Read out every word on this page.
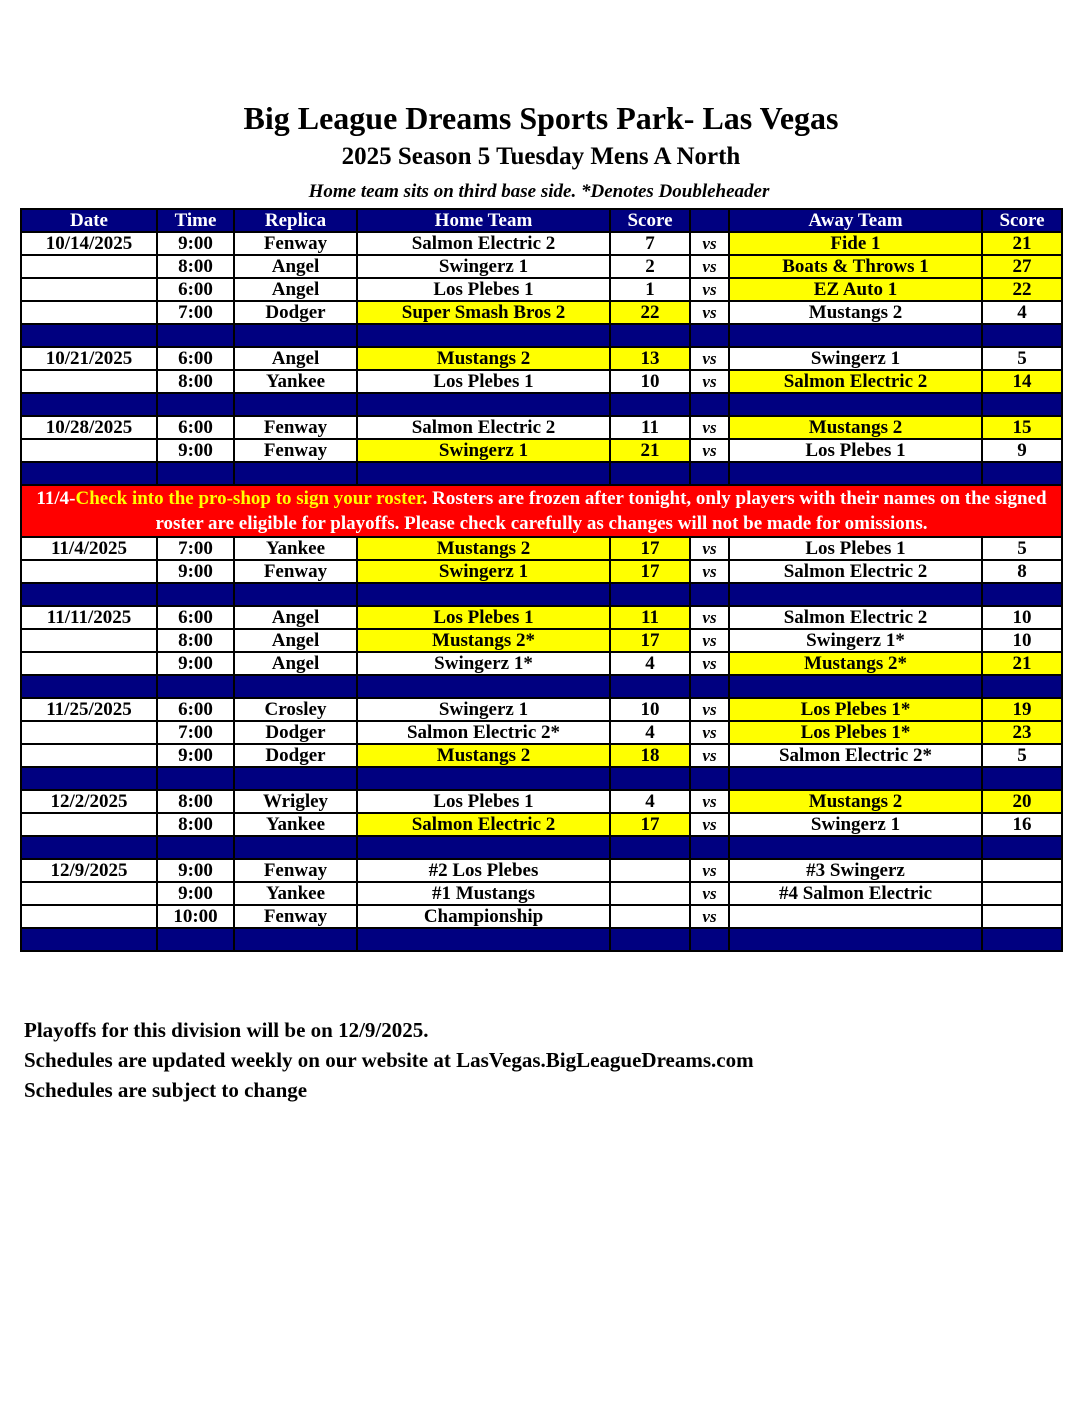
Big League Dreams Sports Park- Las Vegas
2025 Season 5 Tuesday Mens A North
Home team sits on third base side. *Denotes Doubleheader
Date	Time	Replica	Home Team	Score		Away Team	Score
10/14/2025	9:00	Fenway	Salmon Electric 2	7	vs	Fide 1	21
	8:00	Angel	Swingerz 1	2	vs	Boats & Throws 1	27
	6:00	Angel	Los Plebes 1	1	vs	EZ Auto 1	22
	7:00	Dodger	Super Smash Bros 2	22	vs	Mustangs 2	4

10/21/2025	6:00	Angel	Mustangs 2	13	vs	Swingerz 1	5
	8:00	Yankee	Los Plebes 1	10	vs	Salmon Electric 2	14

10/28/2025	6:00	Fenway	Salmon Electric 2	11	vs	Mustangs 2	15
	9:00	Fenway	Swingerz 1	21	vs	Los Plebes 1	9

11/4-Check into the pro-shop to sign your roster. Rosters are frozen after tonight, only players with their names on the signed roster are eligible for playoffs. Please check carefully as changes will not be made for omissions.							
11/4/2025	7:00	Yankee	Mustangs 2	17	vs	Los Plebes 1	5
	9:00	Fenway	Swingerz 1	17	vs	Salmon Electric 2	8

11/11/2025	6:00	Angel	Los Plebes 1	11	vs	Salmon Electric 2	10
	8:00	Angel	Mustangs 2*	17	vs	Swingerz 1*	10
	9:00	Angel	Swingerz 1*	4	vs	Mustangs 2*	21

11/25/2025	6:00	Crosley	Swingerz 1	10	vs	Los Plebes 1*	19
	7:00	Dodger	Salmon Electric 2*	4	vs	Los Plebes 1*	23
	9:00	Dodger	Mustangs 2	18	vs	Salmon Electric 2*	5

12/2/2025	8:00	Wrigley	Los Plebes 1	4	vs	Mustangs 2	20
	8:00	Yankee	Salmon Electric 2	17	vs	Swingerz 1	16

12/9/2025	9:00	Fenway	#2 Los Plebes		vs	#3 Swingerz	
	9:00	Yankee	#1 Mustangs		vs	#4 Salmon Electric	
	10:00	Fenway	Championship		vs		

Playoffs for this division will be on 12/9/2025.
Schedules are updated weekly on our website at LasVegas.BigLeagueDreams.com
Schedules are subject to change
